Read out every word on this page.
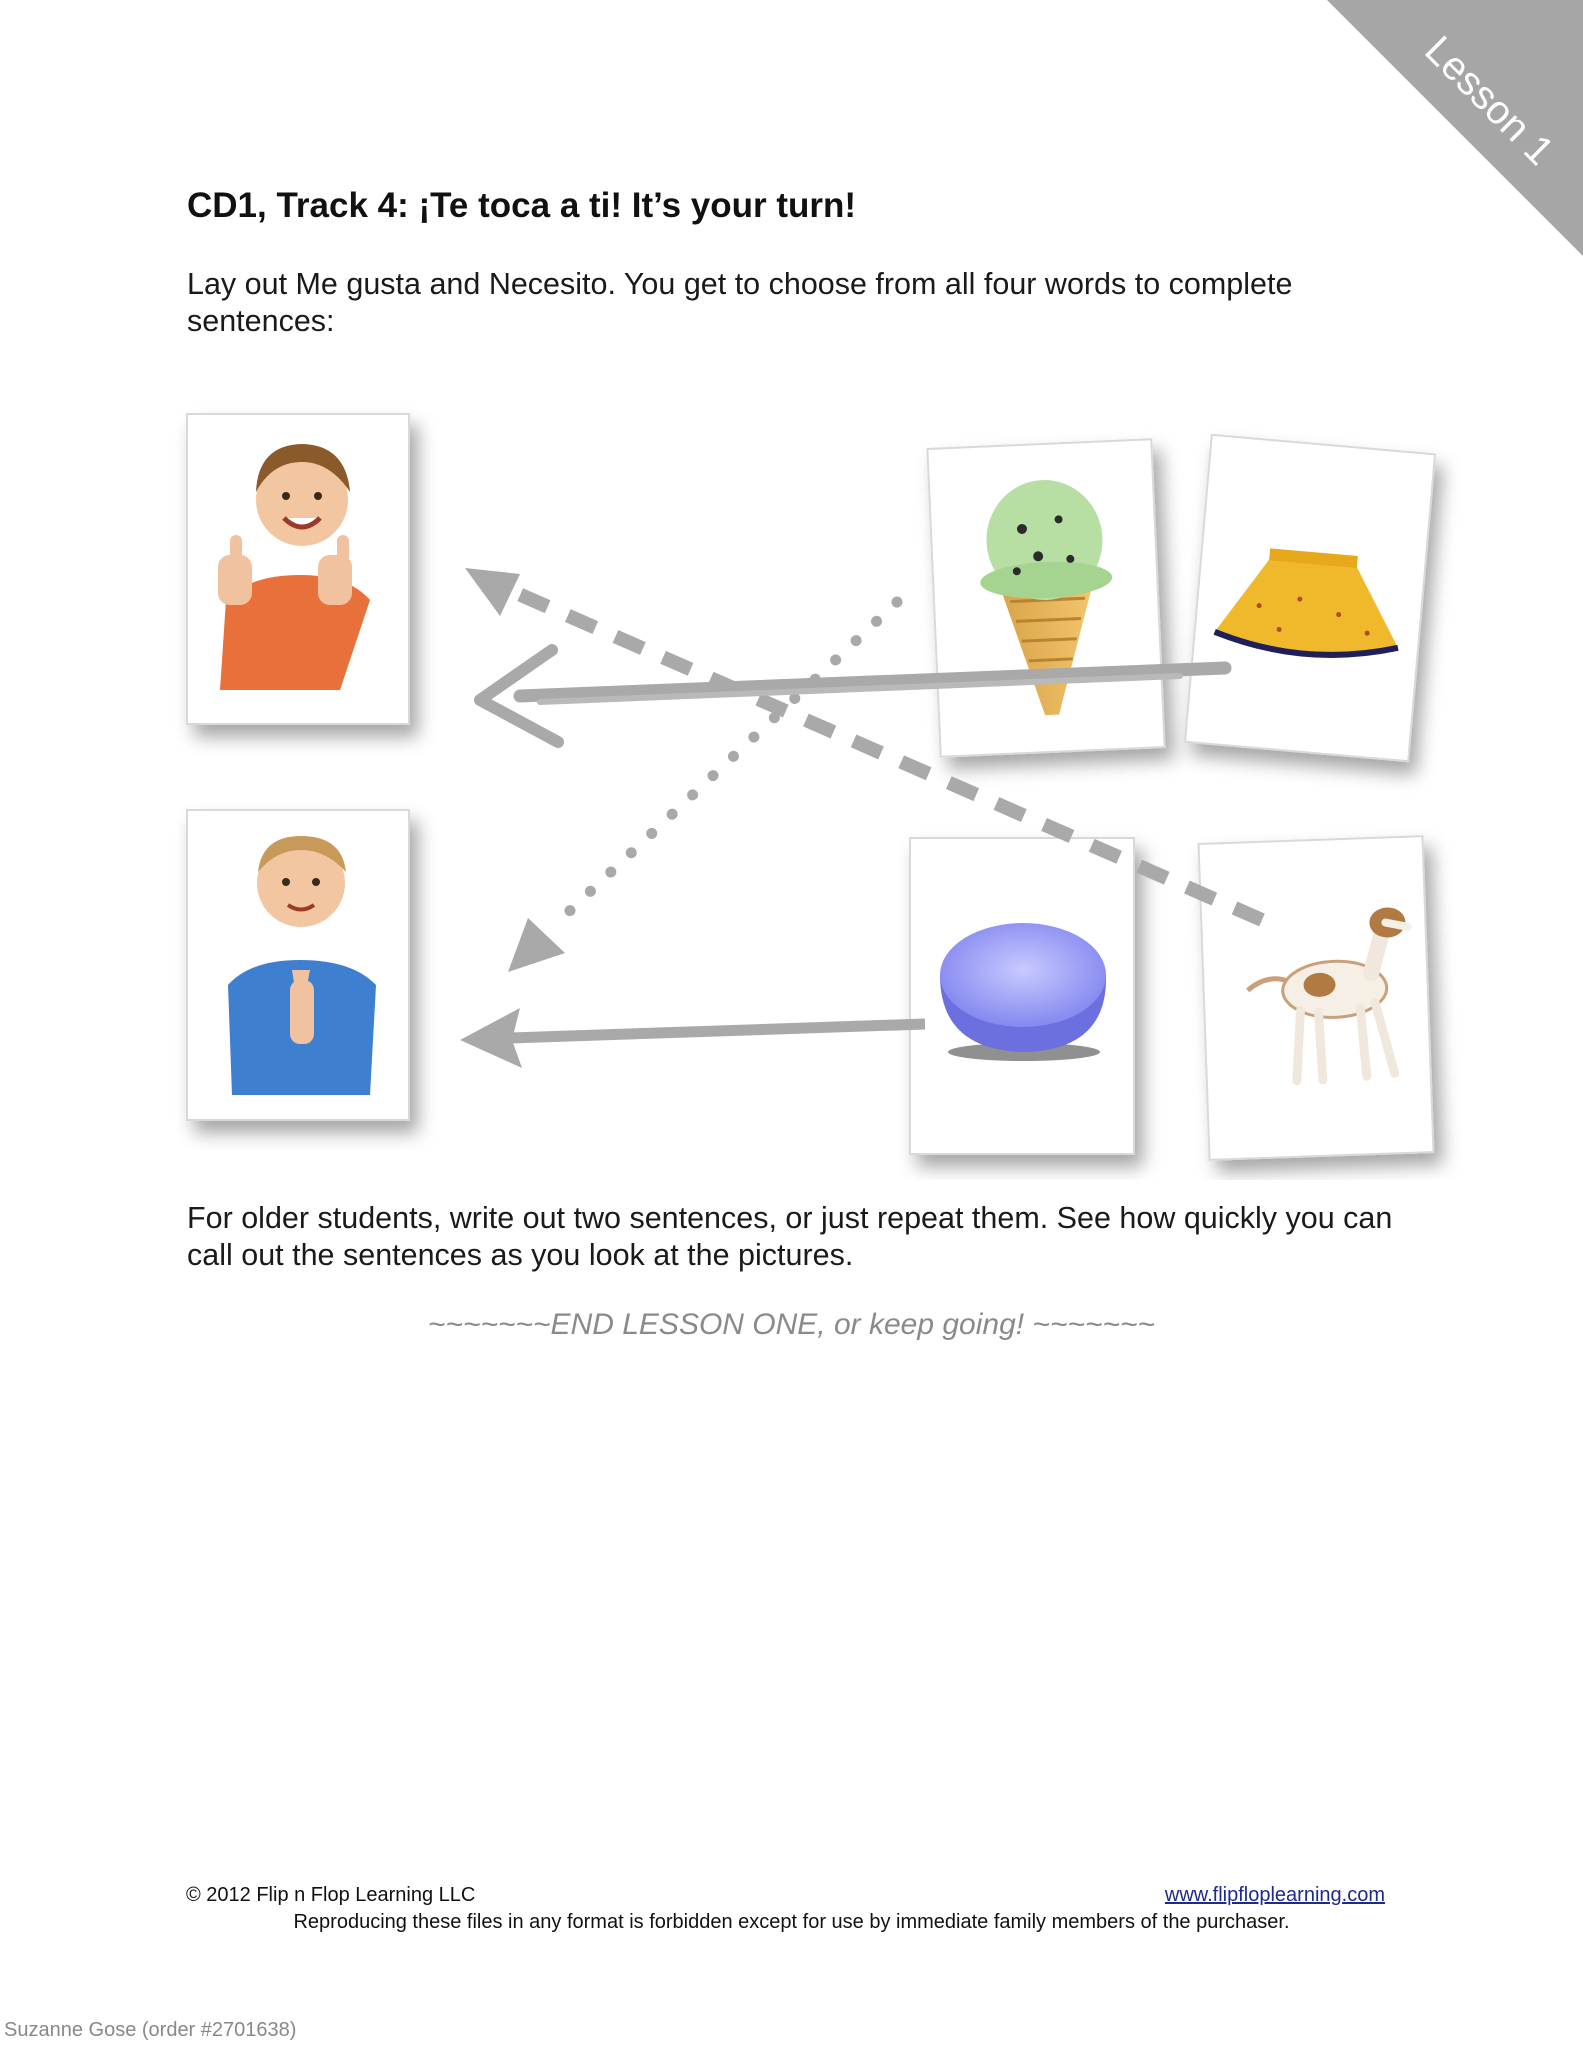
Lesson 1
CD1, Track 4: ¡Te toca a ti! It’s your turn!

Lay out Me gusta and Necesito. You get to choose from all four words to complete sentences:

For older students, write out two sentences, or just repeat them. See how quickly you can call out the sentences as you look at the pictures.

~~~~~~~END LESSON ONE, or keep going! ~~~~~~~
© 2012 Flip n Flop Learning LLC	www.flipfloplearning.com
Reproducing these files in any format is forbidden except for use by immediate family members of the purchaser.
Suzanne Gose (order #2701638)
